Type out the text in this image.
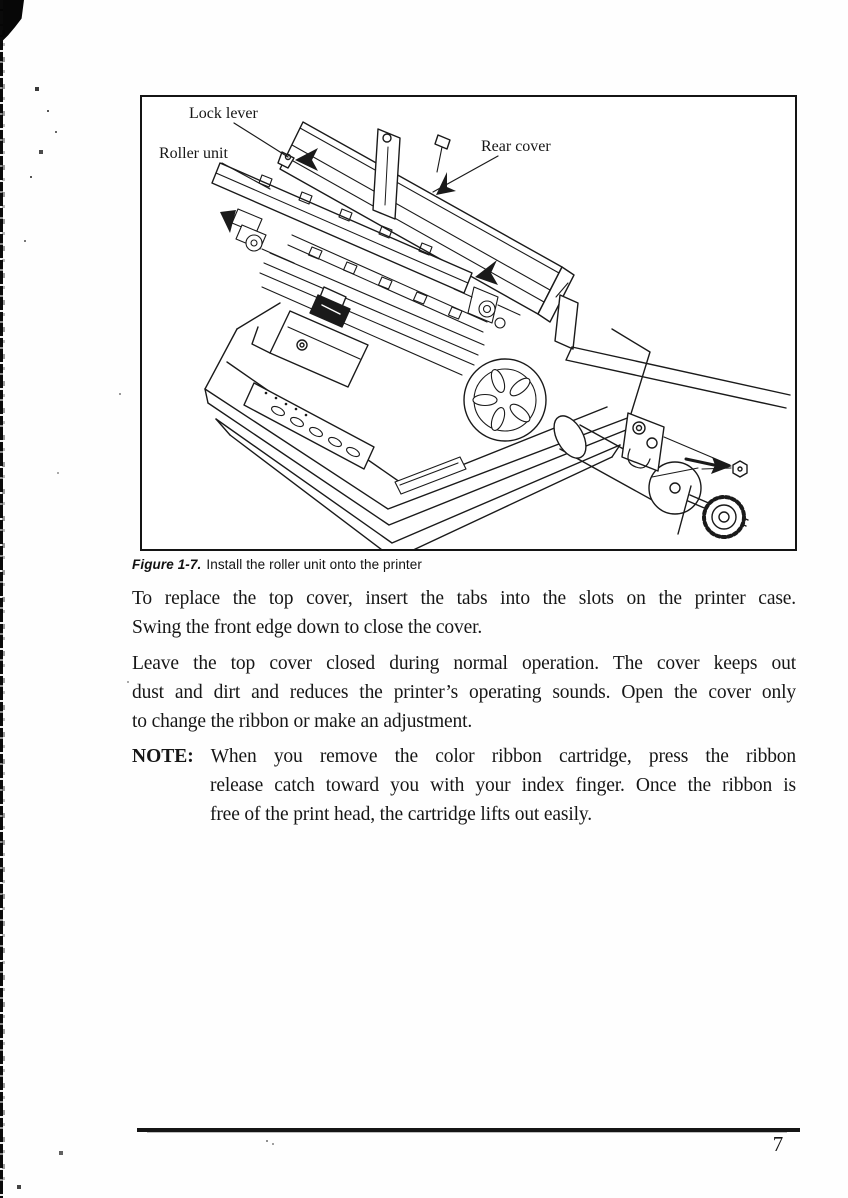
Lock lever
Roller unit	Rear cover
Figure 1-7. Install the roller unit onto the printer
To replace the top cover, insert the tabs into the slots on the printer case.
Swing the front edge down to close the cover.
Leave the top cover closed during normal operation. The cover keeps out
dust and dirt and reduces the printer’s operating sounds. Open the cover only
to change the ribbon or make an adjustment.
NOTE: When you remove the color ribbon cartridge, press the ribbon
release catch toward you with your index finger. Once the ribbon is
free of the print head, the cartridge lifts out easily.
7
